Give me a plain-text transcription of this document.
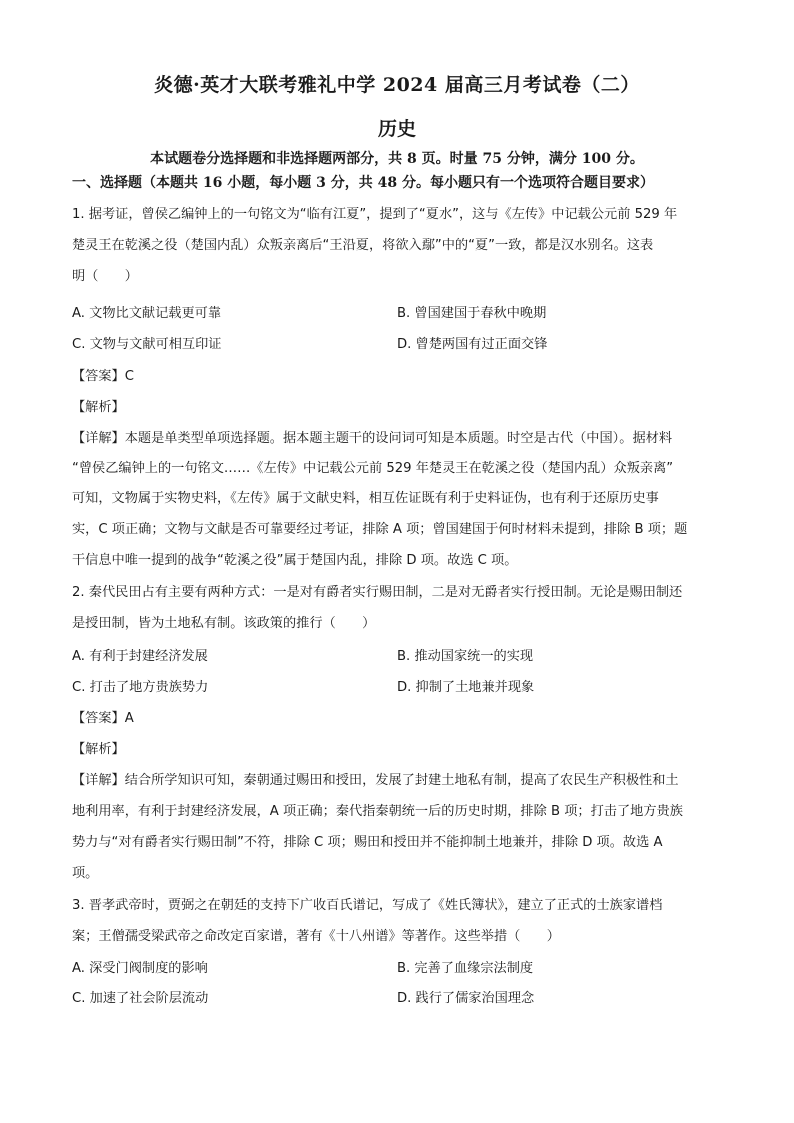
炎德·英才大联考雅礼中学 2024 届高三月考试卷（二）
历史
本试题卷分选择题和非选择题两部分，共 8 页。时量 75 分钟，满分 100 分。
一、选择题（本题共 16 小题，每小题 3 分，共 48 分。每小题只有一个选项符合题目要求）
1. 据考证，曾侯乙编钟上的一句铭文为“临有江夏”，提到了“夏水”，这与《左传》中记载公元前 529 年
楚灵王在乾溪之役（楚国内乱）众叛亲离后“王沿夏，将欲入鄢”中的“夏”一致，都是汉水别名。这表
明（　　）
A. 文物比文献记载更可靠	B. 曾国建国于春秋中晚期
C. 文物与文献可相互印证	D. 曾楚两国有过正面交锋
【答案】C
【解析】
【详解】本题是单类型单项选择题。据本题主题干的设问词可知是本质题。时空是古代（中国）。据材料
“曾侯乙编钟上的一句铭文……《左传》中记载公元前 529 年楚灵王在乾溪之役（楚国内乱）众叛亲离”
可知，文物属于实物史料，《左传》属于文献史料，相互佐证既有利于史料证伪，也有利于还原历史事
实，C 项正确；文物与文献是否可靠要经过考证，排除 A 项；曾国建国于何时材料未提到，排除 B 项；题
干信息中唯一提到的战争“乾溪之役”属于楚国内乱，排除 D 项。故选 C 项。
2. 秦代民田占有主要有两种方式：一是对有爵者实行赐田制，二是对无爵者实行授田制。无论是赐田制还
是授田制，皆为土地私有制。该政策的推行（　　）
A. 有利于封建经济发展	B. 推动国家统一的实现
C. 打击了地方贵族势力	D. 抑制了土地兼并现象
【答案】A
【解析】
【详解】结合所学知识可知，秦朝通过赐田和授田，发展了封建土地私有制，提高了农民生产积极性和土
地利用率，有利于封建经济发展，A 项正确；秦代指秦朝统一后的历史时期，排除 B 项；打击了地方贵族
势力与“对有爵者实行赐田制”不符，排除 C 项；赐田和授田并不能抑制土地兼并，排除 D 项。故选 A
项。
3. 晋孝武帝时，贾弼之在朝廷的支持下广收百氏谱记，写成了《姓氏簿状》，建立了正式的士族家谱档
案；王僧孺受梁武帝之命改定百家谱，著有《十八州谱》等著作。这些举措（　　）
A. 深受门阀制度的影响	B. 完善了血缘宗法制度
C. 加速了社会阶层流动	D. 践行了儒家治国理念
